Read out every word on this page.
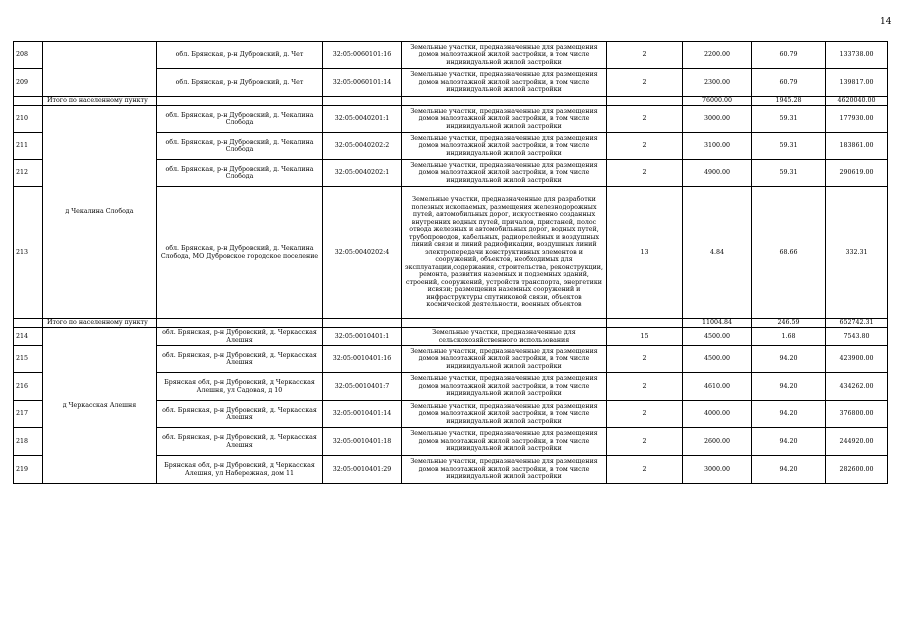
14
208		обл. Брянская, р-н Дубровский, д. Чет	32:05:0060101:16	Земельные участки, предназначенные для размещения домов малоэтажной жилой застройки, в том числе индивидуальной жилой застройки	2	2200.00	60.79	133738.00
209		обл. Брянская, р-н Дубровский, д. Чет	32:05:0060101:14	Земельные участки, предназначенные для размещения домов малоэтажной жилой застройки, в том числе индивидуальной жилой застройки	2	2300.00	60.79	139817.00
	Итого по населенному пункту					76000.00	1945.28	4620040.00
210	д Чекалина Слобода	обл. Брянская, р-н Дубровский, д. Чекалина Слобода	32:05:0040201:1	Земельные участки, предназначенные для размещения домов малоэтажной жилой застройки, в том числе индивидуальной жилой застройки	2	3000.00	59.31	177930.00
211		обл. Брянская, р-н Дубровский, д. Чекалина Слобода	32:05:0040202:2	Земельные участки, предназначенные для размещения домов малоэтажной жилой застройки, в том числе индивидуальной жилой застройки	2	3100.00	59.31	183861.00
212		обл. Брянская, р-н Дубровский, д. Чекалина Слобода	32:05:0040202:1	Земельные участки, предназначенные для размещения домов малоэтажной жилой застройки, в том числе индивидуальной жилой застройки	2	4900.00	59.31	290619.00
213		обл. Брянская, р-н Дубровский, д. Чекалина Слобода, МО Дубровское городское поселение	32:05:0040202:4	Земельные участки, предназначенные для разработки полезных ископаемых, размещения железнодорожных путей, автомобильных дорог, искусственно созданных внутренних водных путей, причалов, пристаней, полос отвода железных и автомобильных дорог, водных путей, трубопроводов, кабельных, радиорелейных и воздушных линий связи и линий радиофикации, воздушных линий электропередачи конструктивных элементов и сооружений, объектов, необходимых для эксплуатации,содержания, строительства, реконструкции, ремонта, развития наземных и подземных зданий, строений, сооружений, устройств транспорта, энергетики исвязи; размещения наземных сооружений и инфраструктуры спутниковой связи, объектов космической деятельности, военных объектов	13	4.84	68.66	332.31
	Итого по населенному пункту					11004.84	246.59	652742.31
214	д Черкасская Алешня	обл. Брянская, р-н Дубровский, д. Черкасская Алешня	32:05:0010401:1	Земельные участки, предназначенные для сельскохозяйственного использования	15	4500.00	1.68	7543.80
215		обл. Брянская, р-н Дубровский, д. Черкасская Алешня	32:05:0010401:16	Земельные участки, предназначенные для размещения домов малоэтажной жилой застройки, в том числе индивидуальной жилой застройки	2	4500.00	94.20	423900.00
216		Брянская обл, р-н Дубровский, д Черкасская Алешня, ул Садовая, д 10	32:05:0010401:7	Земельные участки, предназначенные для размещения домов малоэтажной жилой застройки, в том числе индивидуальной жилой застройки	2	4610.00	94.20	434262.00
217		обл. Брянская, р-н Дубровский, д. Черкасская Алешня	32:05:0010401:14	Земельные участки, предназначенные для размещения домов малоэтажной жилой застройки, в том числе индивидуальной жилой застройки	2	4000.00	94.20	376800.00
218		обл. Брянская, р-н Дубровский, д. Черкасская Алешня	32:05:0010401:18	Земельные участки, предназначенные для размещения домов малоэтажной жилой застройки, в том числе индивидуальной жилой застройки	2	2600.00	94.20	244920.00
219		Брянская обл, р-н Дубровский, д Черкасская Алешня, ул Набережная, дом 11	32:05:0010401:29	Земельные участки, предназначенные для размещения домов малоэтажной жилой застройки, в том числе индивидуальной жилой застройки	2	3000.00	94.20	282600.00
